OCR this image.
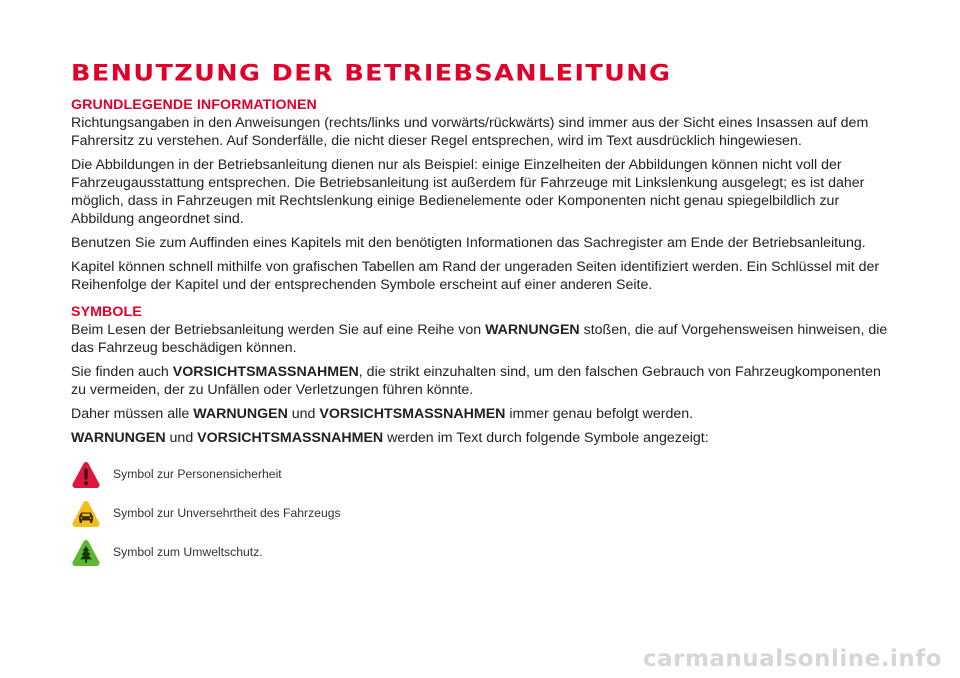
BENUTZUNG DER BETRIEBSANLEITUNG
GRUNDLEGENDE INFORMATIONEN

Richtungsangaben in den Anweisungen (rechts/links und vorwärts/rückwärts) sind immer aus der Sicht eines Insassen auf dem Fahrersitz zu verstehen. Auf Sonderfälle, die nicht dieser Regel entsprechen, wird im Text ausdrücklich hingewiesen.

Die Abbildungen in der Betriebsanleitung dienen nur als Beispiel: einige Einzelheiten der Abbildungen können nicht voll der Fahrzeugausstattung entsprechen. Die Betriebsanleitung ist außerdem für Fahrzeuge mit Linkslenkung ausgelegt; es ist daher möglich, dass in Fahrzeugen mit Rechtslenkung einige Bedienelemente oder Komponenten nicht genau spiegelbildlich zur Abbildung angeordnet sind.

Benutzen Sie zum Auffinden eines Kapitels mit den benötigten Informationen das Sachregister am Ende der Betriebsanleitung.

Kapitel können schnell mithilfe von grafischen Tabellen am Rand der ungeraden Seiten identifiziert werden. Ein Schlüssel mit der Reihenfolge der Kapitel und der entsprechenden Symbole erscheint auf einer anderen Seite.

SYMBOLE

Beim Lesen der Betriebsanleitung werden Sie auf eine Reihe von WARNUNGEN stoßen, die auf Vorgehensweisen hinweisen, die das Fahrzeug beschädigen können.

Sie finden auch VORSICHTSMASSNAHMEN, die strikt einzuhalten sind, um den falschen Gebrauch von Fahrzeugkomponenten zu vermeiden, der zu Unfällen oder Verletzungen führen könnte.

Daher müssen alle WARNUNGEN und VORSICHTSMASSNAHMEN immer genau befolgt werden.

WARNUNGEN und VORSICHTSMASSNAHMEN werden im Text durch folgende Symbole angezeigt:

Symbol zur Personensicherheit
Symbol zur Unversehrtheit des Fahrzeugs
Symbol zum Umweltschutz.
carmanualsonline.info
